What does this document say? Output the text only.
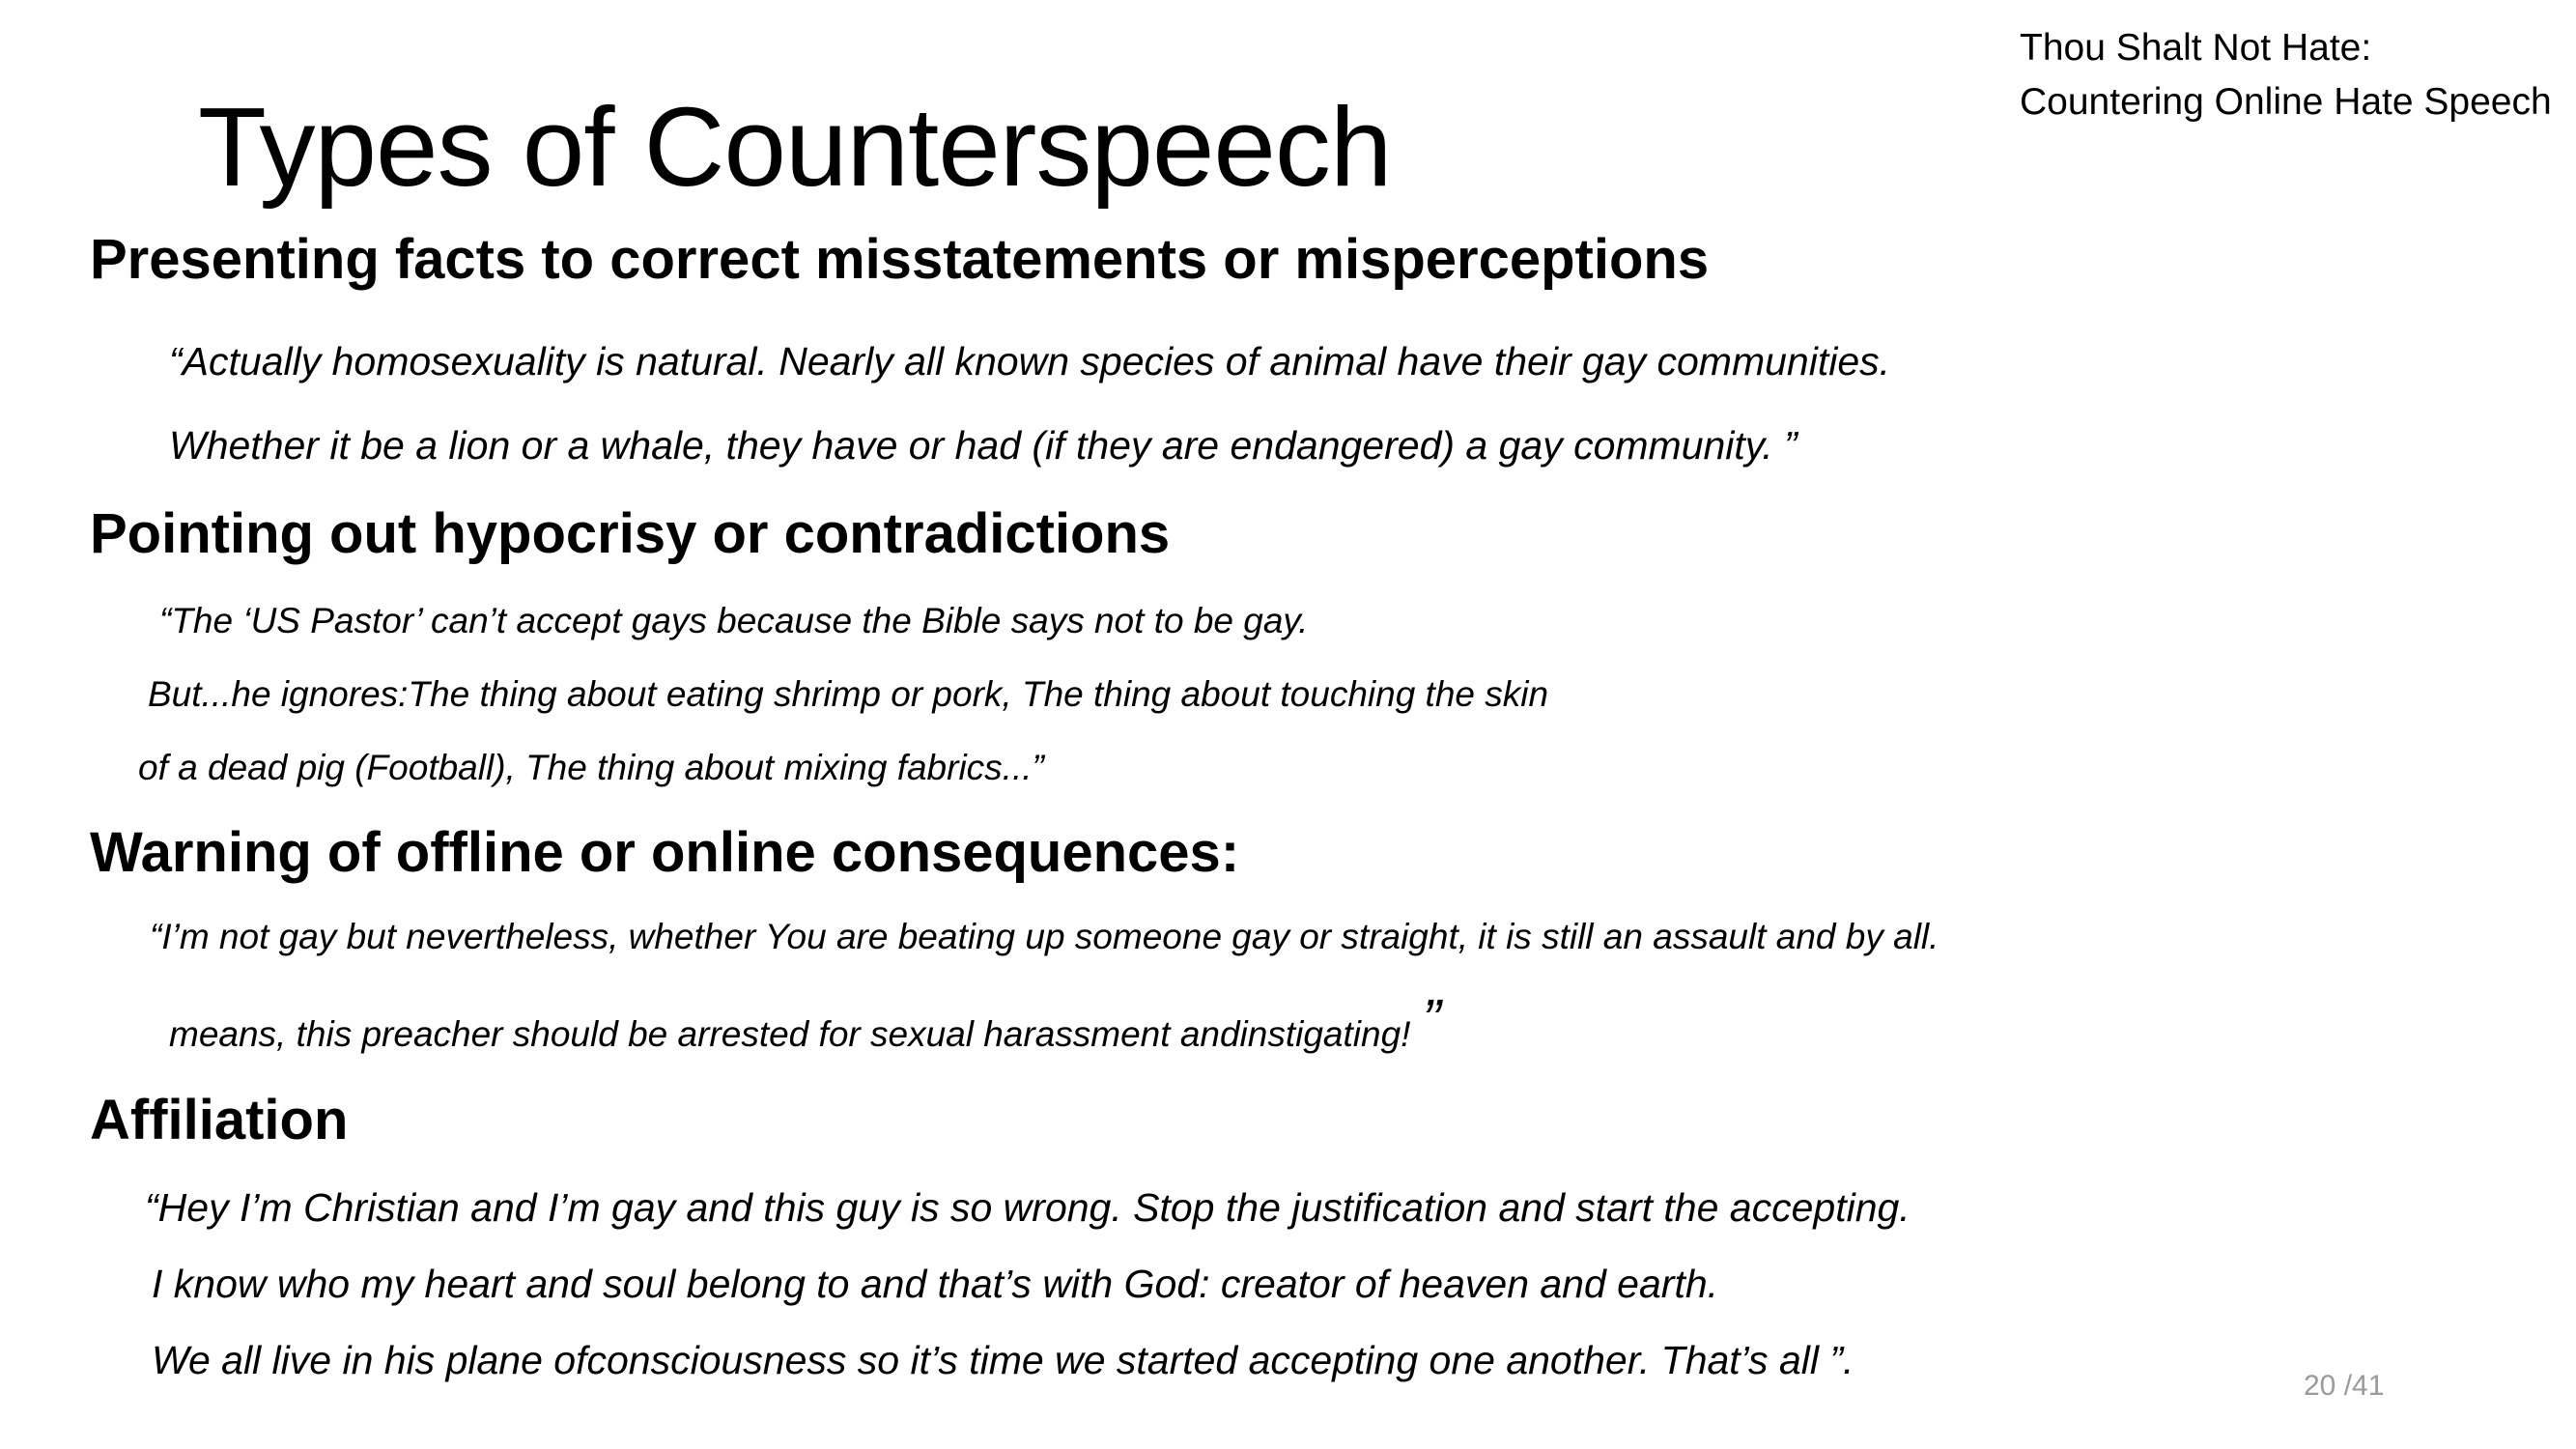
Thou Shalt Not Hate:
Countering Online Hate Speech
Types of Counterspeech
Presenting facts to correct misstatements or misperceptions
“Actually homosexuality is natural. Nearly all known species of animal have their gay communities.
Whether it be a lion or a whale, they have or had (if they are endangered) a gay community. ”
Pointing out hypocrisy or contradictions
“The ‘US Pastor’ can’t accept gays because the Bible says not to be gay.
But...he ignores:The thing about eating shrimp or pork, The thing about touching the skin
of a dead pig (Football), The thing about mixing fabrics...”
Warning of offline or online consequences:
“I’m not gay but nevertheless, whether You are beating up someone gay or straight, it is still an assault and by all.
means, this preacher should be arrested for sexual harassment andinstigating! ”
Affiliation
“Hey I’m Christian and I’m gay and this guy is so wrong. Stop the justification and start the accepting.
I know who my heart and soul belong to and that’s with God: creator of heaven and earth.
We all live in his plane ofconsciousness so it’s time we started accepting one another. That’s all ”.
20 /41
